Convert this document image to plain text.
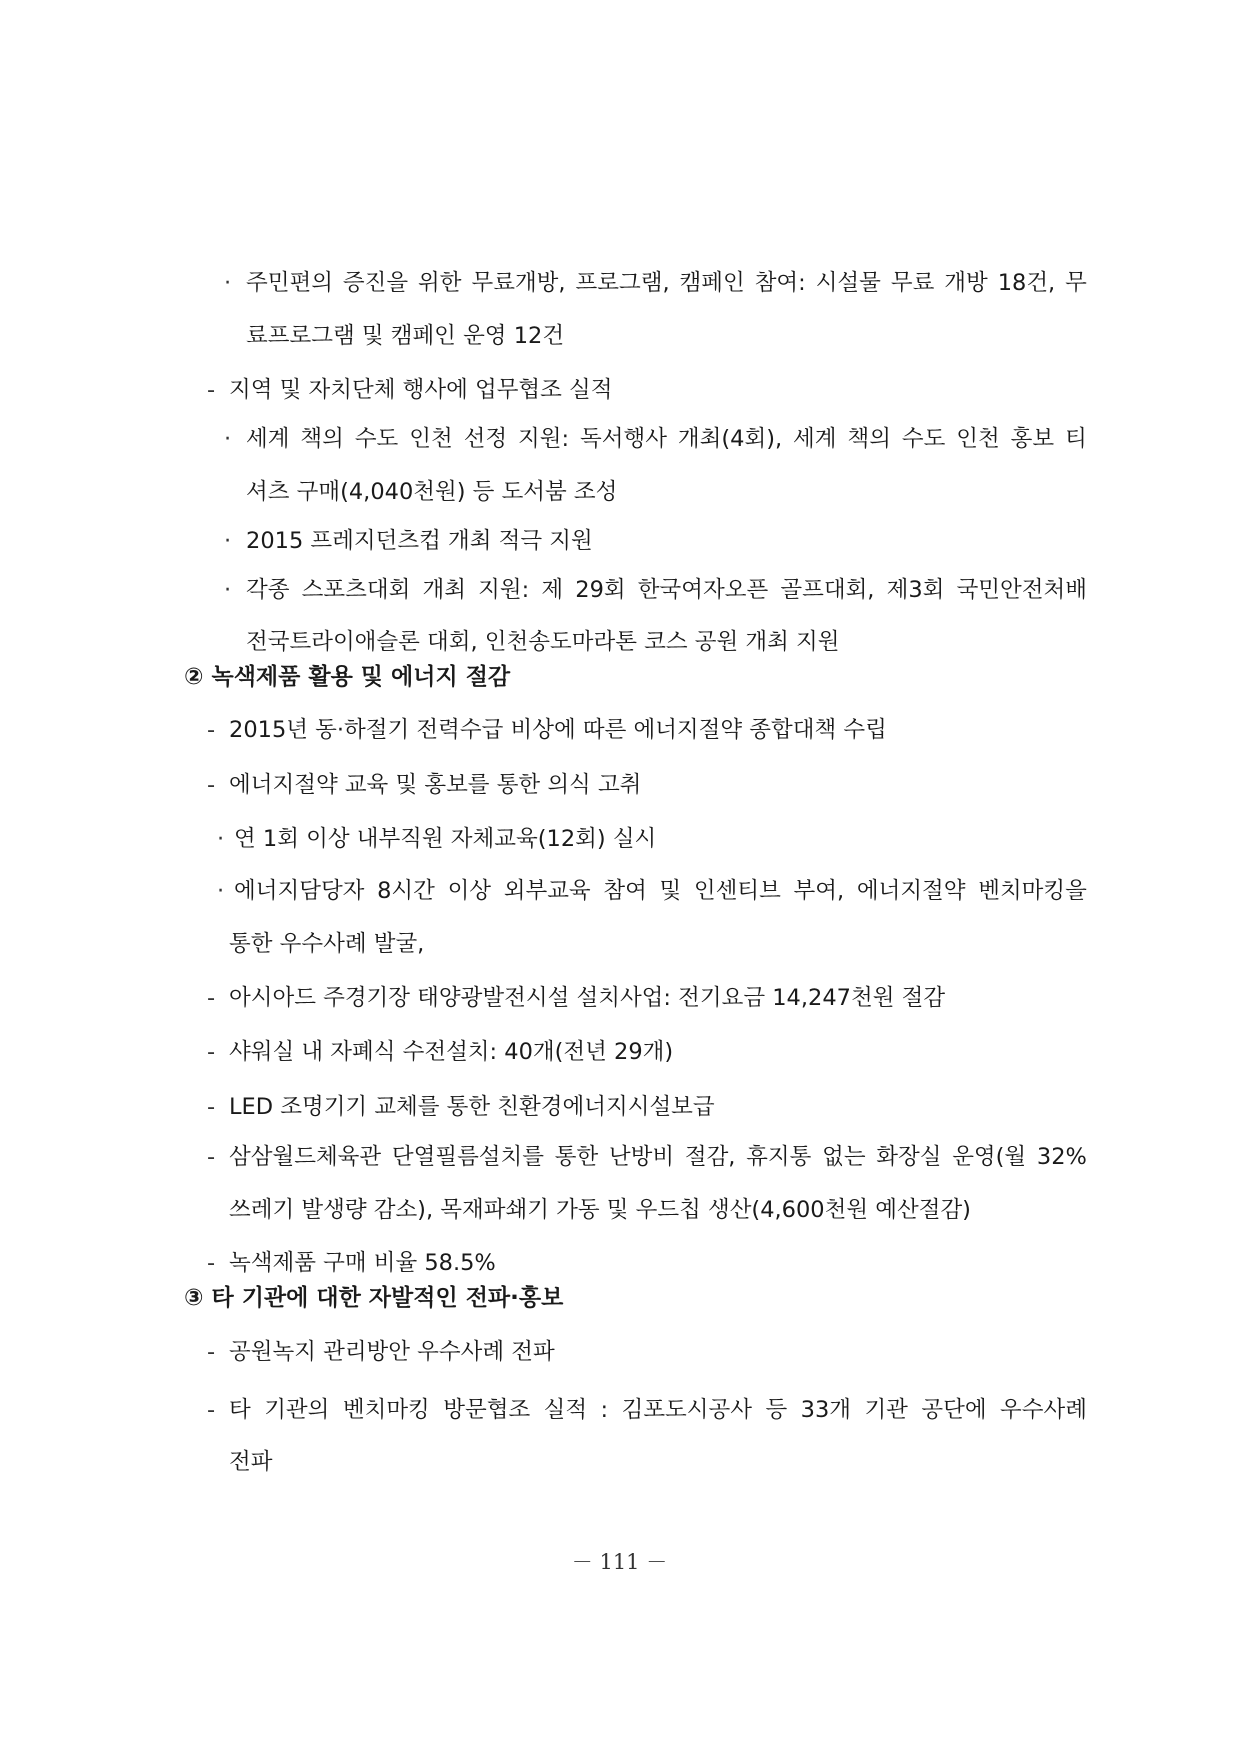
· 주민편의 증진을 위한 무료개방, 프로그램, 캠페인 참여: 시설물 무료 개방 18건, 무
료프로그램 및 캠페인 운영 12건
- 지역 및 자치단체 행사에 업무협조 실적
· 세계 책의 수도 인천 선정 지원: 독서행사 개최(4회), 세계 책의 수도 인천 홍보 티
셔츠 구매(4,040천원) 등 도서붐 조성
· 2015 프레지던츠컵 개최 적극 지원
· 각종 스포츠대회 개최 지원: 제 29회 한국여자오픈 골프대회, 제3회 국민안전처배
전국트라이애슬론 대회, 인천송도마라톤 코스 공원 개최 지원
② 녹색제품 활용 및 에너지 절감
- 2015년 동·하절기 전력수급 비상에 따른 에너지절약 종합대책 수립
- 에너지절약 교육 및 홍보를 통한 의식 고취
· 연 1회 이상 내부직원 자체교육(12회) 실시
· 에너지담당자 8시간 이상 외부교육 참여 및 인센티브 부여, 에너지절약 벤치마킹을
통한 우수사례 발굴,
- 아시아드 주경기장 태양광발전시설 설치사업: 전기요금 14,247천원 절감
- 샤워실 내 자폐식 수전설치: 40개(전년 29개)
- LED 조명기기 교체를 통한 친환경에너지시설보급
- 삼삼월드체육관 단열필름설치를 통한 난방비 절감, 휴지통 없는 화장실 운영(월 32%
쓰레기 발생량 감소), 목재파쇄기 가동 및 우드칩 생산(4,600천원 예산절감)
- 녹색제품 구매 비율 58.5%
③ 타 기관에 대한 자발적인 전파·홍보
- 공원녹지 관리방안 우수사례 전파
- 타 기관의 벤치마킹 방문협조 실적 : 김포도시공사 등 33개 기관 공단에 우수사례
전파
－ 111 －
